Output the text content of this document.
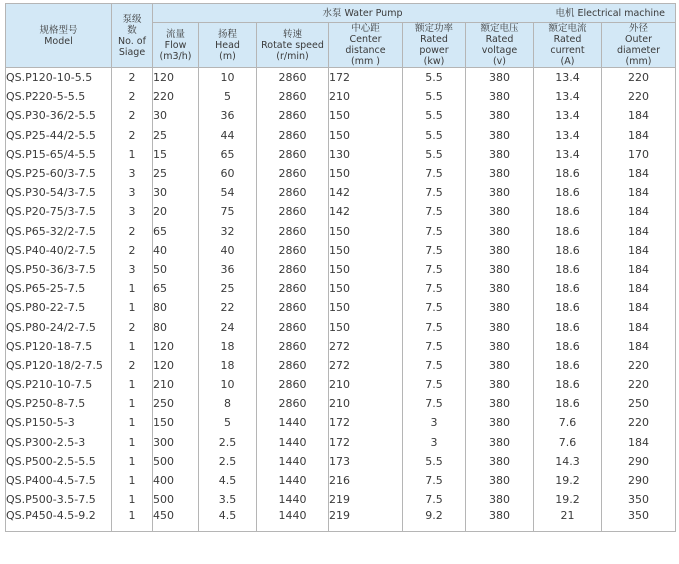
规格型号
Model	泵级
数
No. of
Siage	水泵 Water Pump				电机 Electrical machine			

		流量
Flow
(m3/h)	扬程
Head
(m)	转速
Rotate speed
(r/min)	中心距
Center distance
(mm )	额定功率
Rated power
(kw)	额定电压
Rated voltage
(v)	额定电流
Rated current
(A)	外径
Outer diameter
(mm)

QS.P120-10-5.5	2	120	10	2860	172	5.5	380	13.4	220
QS.P220-5-5.5	2	220	5	2860	210	5.5	380	13.4	220
QS.P30-36/2-5.5	2	30	36	2860	150	5.5	380	13.4	184
QS.P25-44/2-5.5	2	25	44	2860	150	5.5	380	13.4	184
QS.P15-65/4-5.5	1	15	65	2860	130	5.5	380	13.4	170
QS.P25-60/3-7.5	3	25	60	2860	150	7.5	380	18.6	184
QS.P30-54/3-7.5	3	30	54	2860	142	7.5	380	18.6	184
QS.P20-75/3-7.5	3	20	75	2860	142	7.5	380	18.6	184
QS.P65-32/2-7.5	2	65	32	2860	150	7.5	380	18.6	184
QS.P40-40/2-7.5	2	40	40	2860	150	7.5	380	18.6	184
QS.P50-36/3-7.5	3	50	36	2860	150	7.5	380	18.6	184
QS.P65-25-7.5	1	65	25	2860	150	7.5	380	18.6	184
QS.P80-22-7.5	1	80	22	2860	150	7.5	380	18.6	184
QS.P80-24/2-7.5	2	80	24	2860	150	7.5	380	18.6	184
QS.P120-18-7.5	1	120	18	2860	272	7.5	380	18.6	184
QS.P120-18/2-7.5	2	120	18	2860	272	7.5	380	18.6	220
QS.P210-10-7.5	1	210	10	2860	210	7.5	380	18.6	220
QS.P250-8-7.5	1	250	8	2860	210	7.5	380	18.6	250
QS.P150-5-3	1	150	5	1440	172	3	380	7.6	220
QS.P300-2.5-3	1	300	2.5	1440	172	3	380	7.6	184
QS.P500-2.5-5.5	1	500	2.5	1440	173	5.5	380	14.3	290
QS.P400-4.5-7.5	1	400	4.5	1440	216	7.5	380	19.2	290
QS.P500-3.5-7.5	1	500	3.5	1440	219	7.5	380	19.2	350
QS.P450-4.5-9.2	1	450	4.5	1440	219	9.2	380	21	350
